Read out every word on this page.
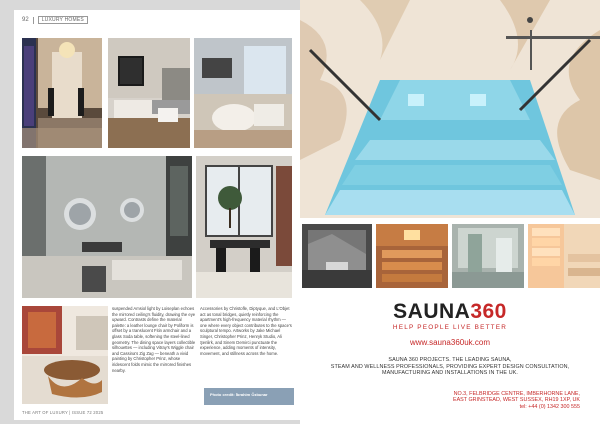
92	LUXURY HOMES
suspended Amsiol light by Loiseplan echoes the mirrored ceiling's fluidity, drawing the eye upward. Contrasts define the material palette: a leather lounge chair by Poliform is offset by a translucent Fitin armchair and a glass Soda table, softening the steel-lined geometry. The dining space layers collectible silhouettes — including Vitray's Wiggle chair and Cassina's Zig Zag — beneath a vivid painting by Christopher Prinz, whose iridescent folds mimic the mirrored finishes nearby.
Accessories by Christofle, Diptyque, and L'Objet act as tonal bridges, quietly reinforcing the apartment's high-frequency material rhythm — one where every object contributes to the space's sculptural tempo. Artworks by Jake Michael Singer, Christopher Prinz, Henryk Studio, Ali Şenlirk, and Sinem Demirci punctuate the experience, adding moments of intensity, movement, and stillness across the home.
Photo credit: İbrahim Özbunar
THE ART OF LUXURY | ISSUE 72 2025
SAUNA360
HELP PEOPLE LIVE BETTER
www.sauna360uk.com
SAUNA 360 PROJECTS. THE LEADING SAUNA,
STEAM AND WELLNESS PROFESSIONALS, PROVIDING EXPERT DESIGN CONSULTATION,
MANUFACTURING AND INSTALLATIONS IN THE UK.
NO.3, FELBRIDGE CENTRE, IMBERHORNE LANE,
EAST GRINSTEAD, WEST SUSSEX, RH19 1XP, UK
tel: +44 (0) 1342 300 555
